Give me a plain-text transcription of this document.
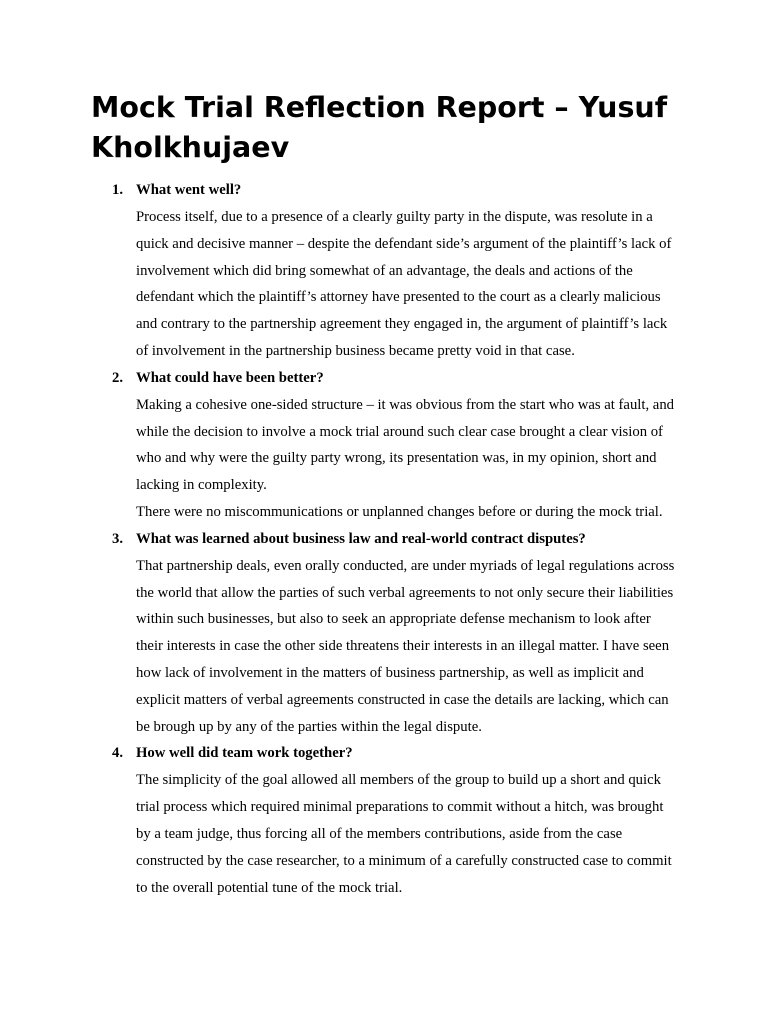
Mock Trial Reflection Report – Yusuf Kholkhujaev
1. What went well?

Process itself, due to a presence of a clearly guilty party in the dispute, was resolute in a quick and decisive manner – despite the defendant side’s argument of the plaintiff’s lack of involvement which did bring somewhat of an advantage, the deals and actions of the defendant which the plaintiff’s attorney have presented to the court as a clearly malicious and contrary to the partnership agreement they engaged in, the argument of plaintiff’s lack of involvement in the partnership business became pretty void in that case.

2. What could have been better?

Making a cohesive one-sided structure – it was obvious from the start who was at fault, and while the decision to involve a mock trial around such clear case brought a clear vision of who and why were the guilty party wrong, its presentation was, in my opinion, short and lacking in complexity.

There were no miscommunications or unplanned changes before or during the mock trial.

3. What was learned about business law and real-world contract disputes?

That partnership deals, even orally conducted, are under myriads of legal regulations across the world that allow the parties of such verbal agreements to not only secure their liabilities within such businesses, but also to seek an appropriate defense mechanism to look after their interests in case the other side threatens their interests in an illegal matter. I have seen how lack of involvement in the matters of business partnership, as well as implicit and explicit matters of verbal agreements constructed in case the details are lacking, which can be brough up by any of the parties within the legal dispute.

4. How well did team work together?

The simplicity of the goal allowed all members of the group to build up a short and quick trial process which required minimal preparations to commit without a hitch, was brought by a team judge, thus forcing all of the members contributions, aside from the case constructed by the case researcher, to a minimum of a carefully constructed case to commit to the overall potential tune of the mock trial.
